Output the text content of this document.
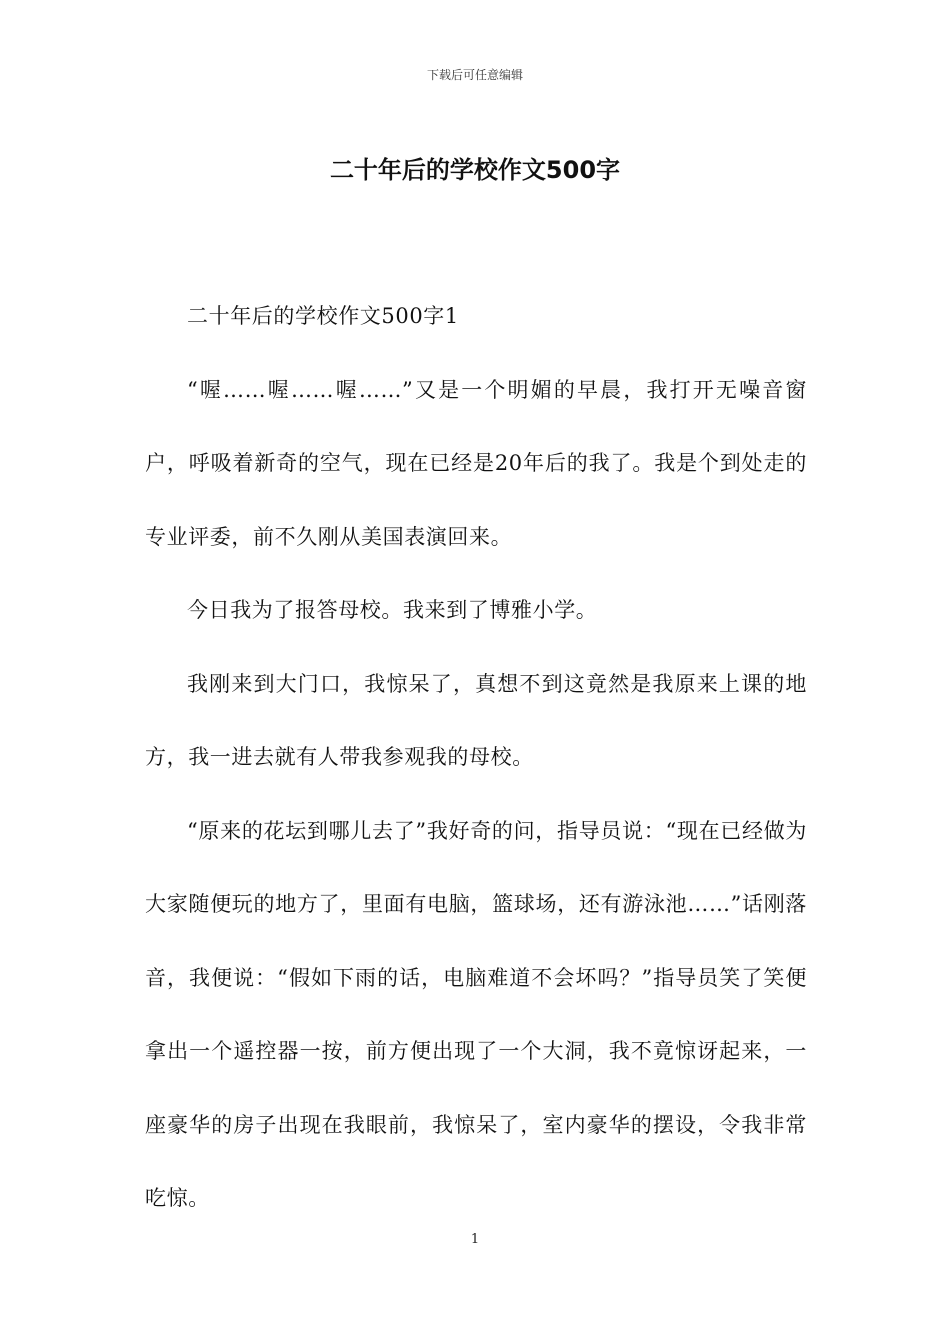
下载后可任意编辑
二十年后的学校作文500字

二十年后的学校作文500字1

“喔……喔……喔……”又是一个明媚的早晨，我打开无噪音窗户，呼吸着新奇的空气，现在已经是20年后的我了。我是个到处走的专业评委，前不久刚从美国表演回来。

今日我为了报答母校。我来到了博雅小学。

我刚来到大门口，我惊呆了，真想不到这竟然是我原来上课的地方，我一进去就有人带我参观我的母校。

“原来的花坛到哪儿去了”我好奇的问，指导员说：“现在已经做为大家随便玩的地方了，里面有电脑，篮球场，还有游泳池……”话刚落音，我便说：“假如下雨的话，电脑难道不会坏吗？”指导员笑了笑便拿出一个遥控器一按，前方便出现了一个大洞，我不竟惊讶起来，一座豪华的房子出现在我眼前，我惊呆了，室内豪华的摆设，令我非常吃惊。

1
